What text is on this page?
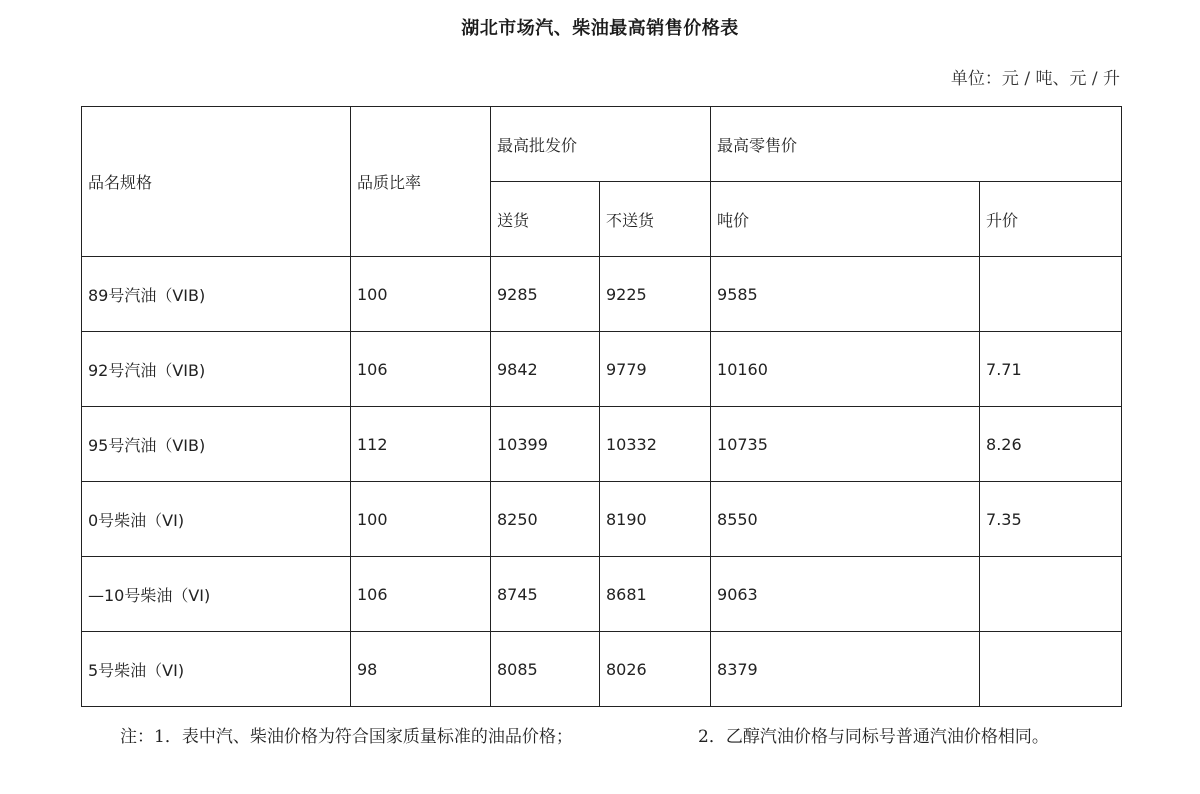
湖北市场汽、柴油最高销售价格表
单位：元 / 吨、元 / 升
品名规格	品质比率	最高批发价		最高零售价	
		送货	不送货	吨价	升价
89号汽油（VIB)	100	9285	9225	9585	
92号汽油（VIB)	106	9842	9779	10160	7.71
95号汽油（VIB)	112	10399	10332	10735	8.26
0号柴油（VI)	100	8250	8190	8550	7.35
—10号柴油（VI)	106	8745	8681	9063	
5号柴油（VI)	98	8085	8026	8379	
注：1．表中汽、柴油价格为符合国家质量标准的油品价格；	2．乙醇汽油价格与同标号普通汽油价格相同。
